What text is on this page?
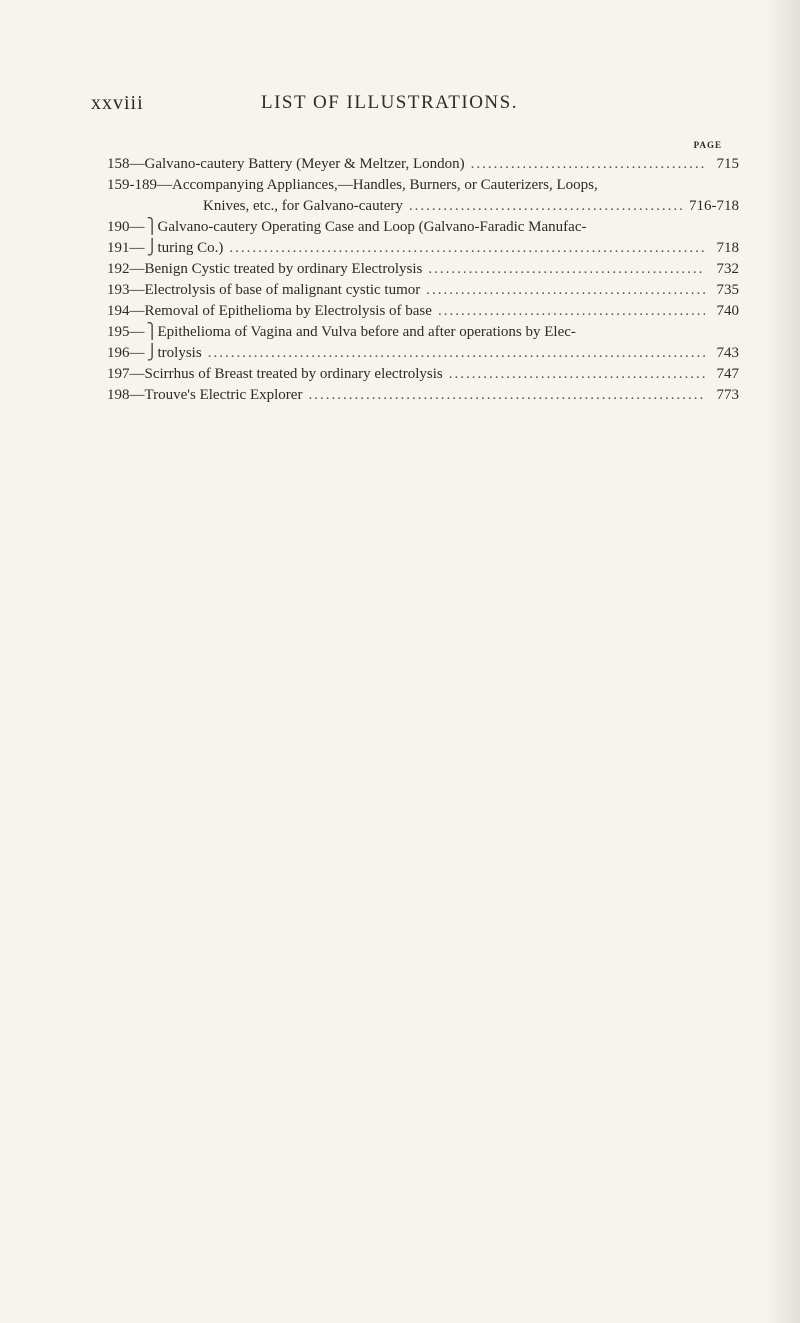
xxviii	LIST OF ILLUSTRATIONS.
PAGE
158— Galvano-cautery Battery (Meyer & Meltzer, London) .....	715
159-189— Accompanying Appliances,—Handles, Burners, or Cauterizers, Loops,
Knives, etc., for Galvano-cautery .....	716-718
190— ⎫ Galvano-cautery Operating Case and Loop (Galvano-Faradic Manufac-
191— ⎭ turing Co.) .....	718
192— Benign Cystic treated by ordinary Electrolysis .....	732
193— Electrolysis of base of malignant cystic tumor .....	735
194— Removal of Epithelioma by Electrolysis of base .....	740
195— ⎫ Epithelioma of Vagina and Vulva before and after operations by Elec-
196— ⎭ trolysis .....	743
197— Scirrhus of Breast treated by ordinary electrolysis .....	747
198— Trouve's Electric Explorer .....	773
